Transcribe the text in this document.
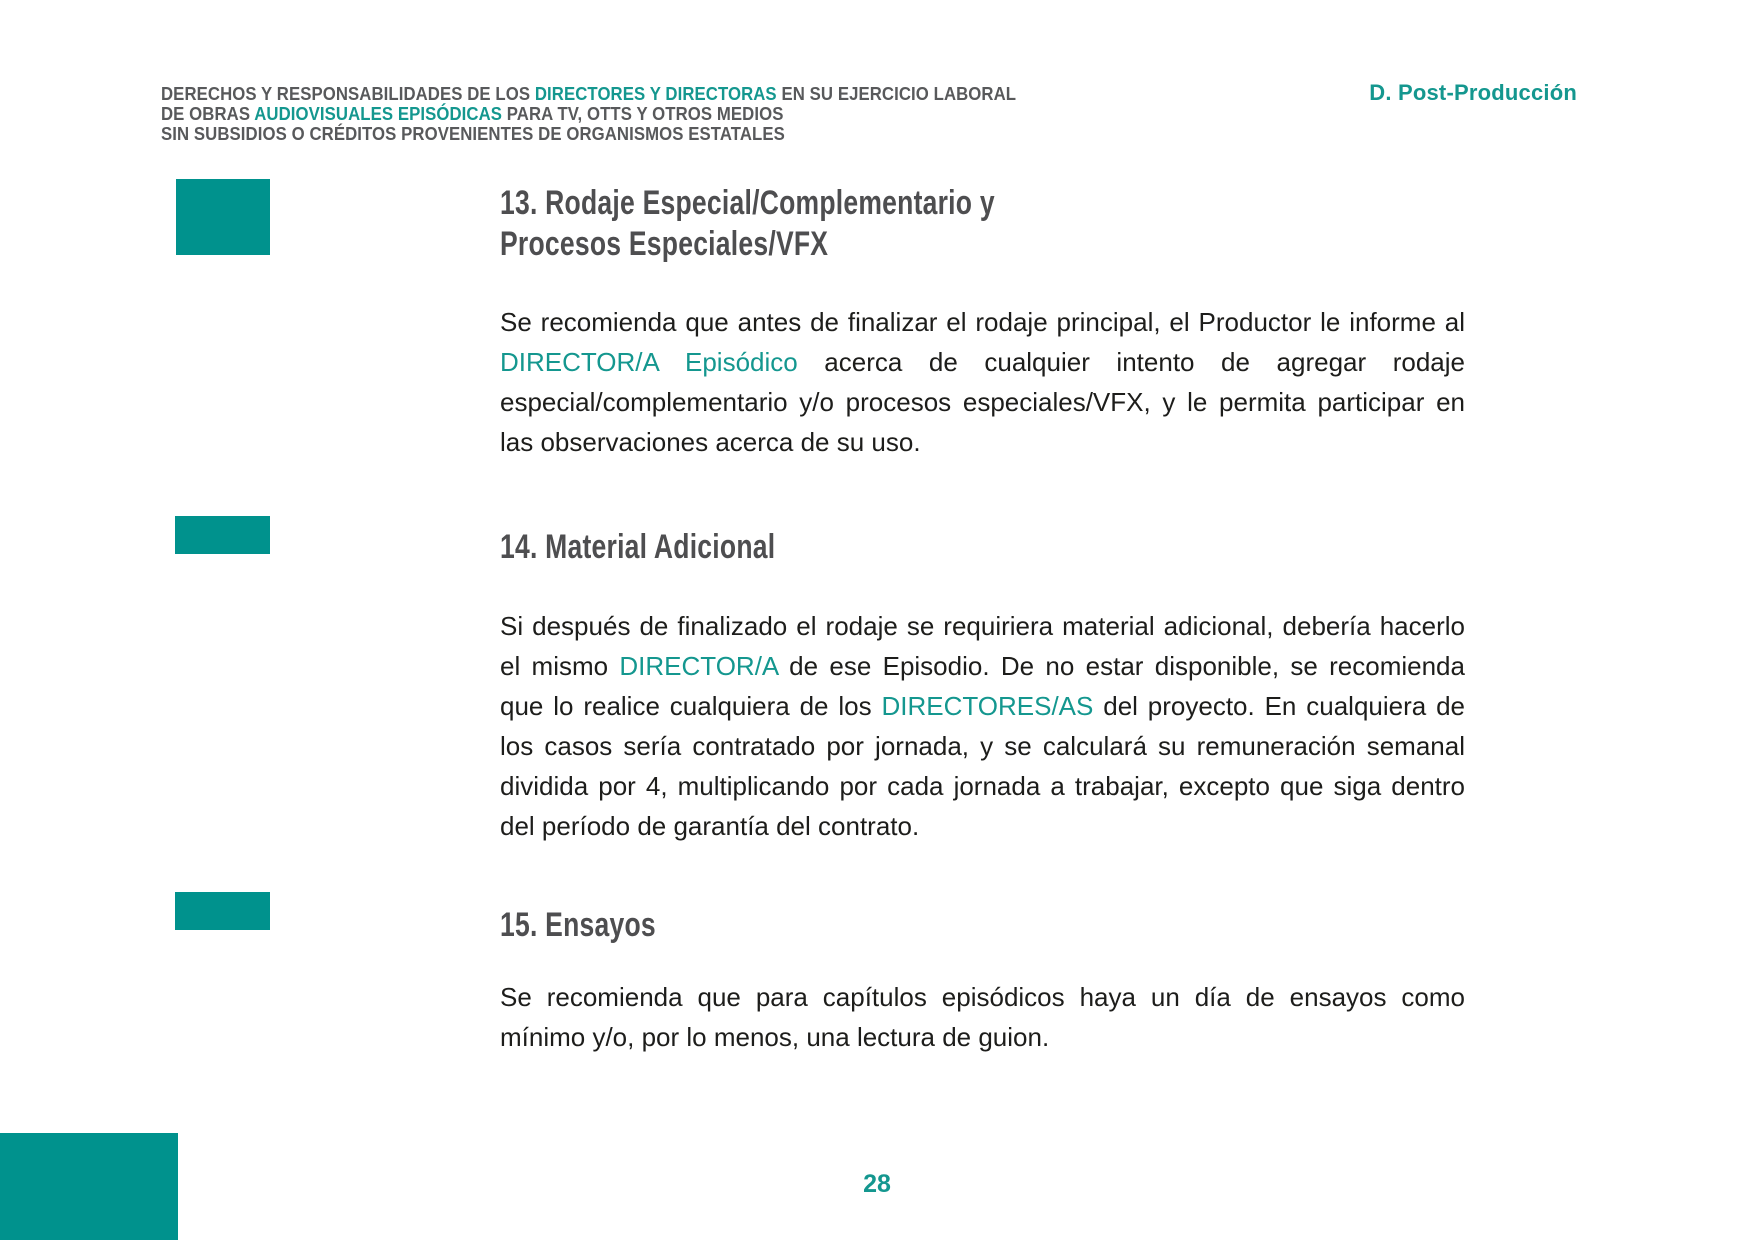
DERECHOS Y RESPONSABILIDADES DE LOS DIRECTORES Y DIRECTORAS EN SU EJERCICIO LABORAL
DE OBRAS AUDIOVISUALES EPISÓDICAS PARA TV, OTTS Y OTROS MEDIOS
SIN SUBSIDIOS O CRÉDITOS PROVENIENTES DE ORGANISMOS ESTATALES
D. Post-Producción
13. Rodaje Especial/Complementario y
Procesos Especiales/VFX

Se recomienda que antes de finalizar el rodaje principal, el Productor le informe al DIRECTOR/A Episódico acerca de cualquier intento de agregar rodaje especial/complementario y/o procesos especiales/VFX, y le permita participar en las observaciones acerca de su uso.

14. Material Adicional

Si después de finalizado el rodaje se requiriera material adicional, debería hacerlo el mismo DIRECTOR/A de ese Episodio. De no estar disponible, se recomienda que lo realice cualquiera de los DIRECTORES/AS del proyecto. En cualquiera de los casos sería contratado por jornada, y se calculará su remuneración semanal dividida por 4, multiplicando por cada jornada a trabajar, excepto que siga dentro del período de garantía del contrato.

15. Ensayos

Se recomienda que para capítulos episódicos haya un día de ensayos como mínimo y/o, por lo menos, una lectura de guion.

28
